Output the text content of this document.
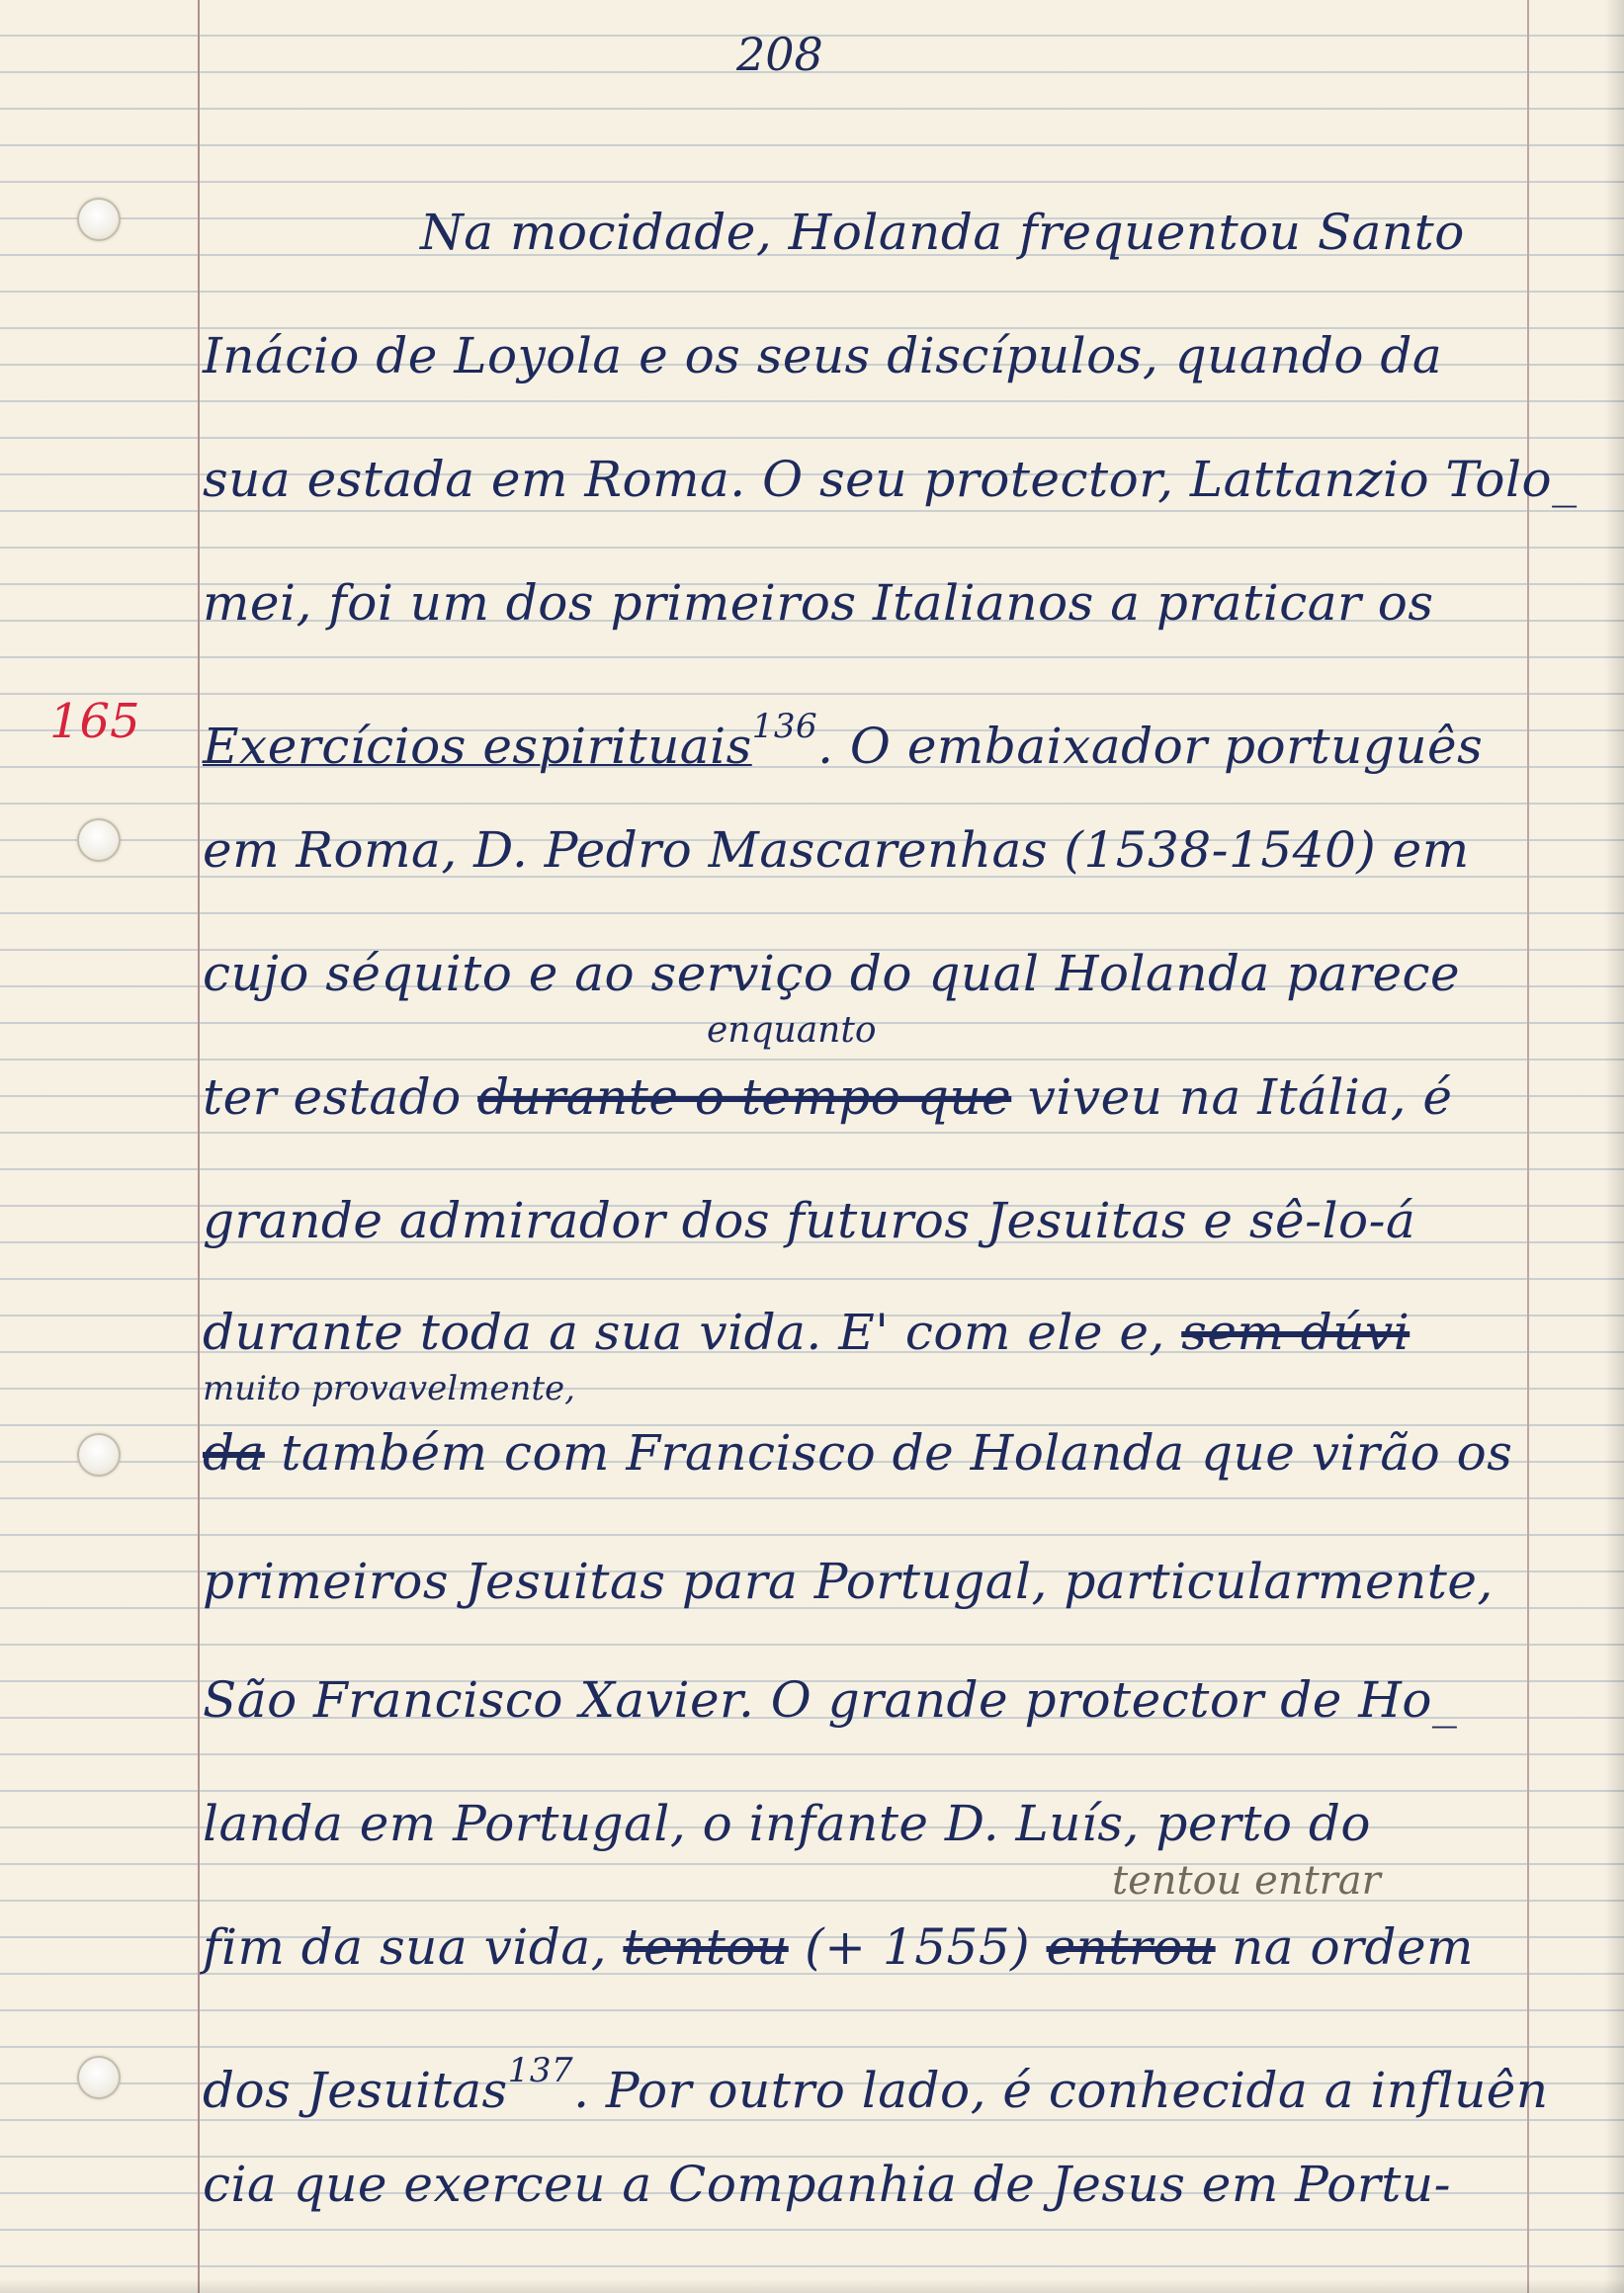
208
165
Na mocidade, Holanda frequentou Santo
Inácio de Loyola e os seus discípulos, quando da
sua estada em Roma. O seu protector, Lattanzio Tolo_
mei, foi um dos primeiros Italianos a praticar os
Exercícios espirituais$^{136}$. O embaixador português
em Roma, D. Pedro Mascarenhas (1538-1540) em
cujo séquito e ao serviço do qual Holanda parece
enquanto
ter estado durante o tempo que viveu na Itália, é
grande admirador dos futuros Jesuitas e sê-lo-á
durante toda a sua vida. E' com ele e, sem dúvi
muito provavelmente,
da também com Francisco de Holanda que virão os
primeiros Jesuitas para Portugal, particularmente,
São Francisco Xavier. O grande protector de Ho_
landa em Portugal, o infante D. Luís, perto do
tentou entrar
fim da sua vida, tentou (+ 1555) entrou na ordem
dos Jesuitas$^{137}$. Por outro lado, é conhecida a influên
cia que exerceu a Companhia de Jesus em Portu-
